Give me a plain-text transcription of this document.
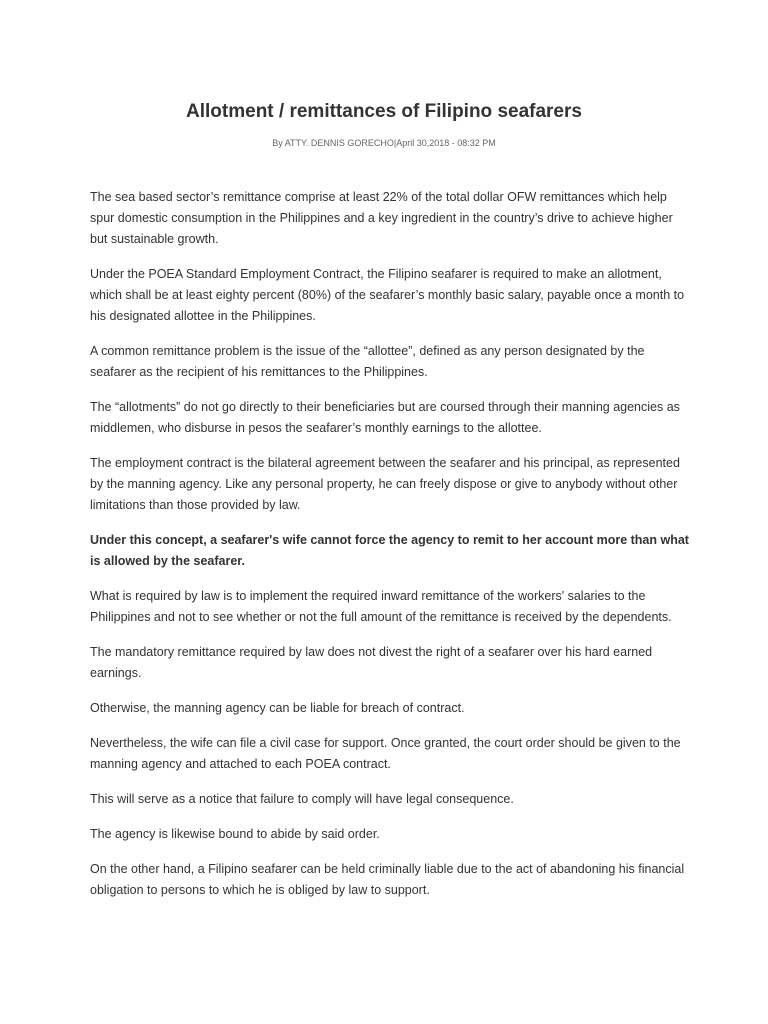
Allotment / remittances of Filipino seafarers
By ATTY. DENNIS GORECHO|April 30,2018 - 08:32 PM

The sea based sector’s remittance comprise at least 22% of the total dollar OFW remittances which help spur domestic consumption in the Philippines and a key ingredient in the country’s drive to achieve higher but sustainable growth.

Under the POEA Standard Employment Contract, the Filipino seafarer is required to make an allotment, which shall be at least eighty percent (80%) of the seafarer’s monthly basic salary, payable once a month to his designated allottee in the Philippines.

A common remittance problem is the issue of the “allottee”, defined as any person designated by the seafarer as the recipient of his remittances to the Philippines.

The “allotments” do not go directly to their beneficiaries but are coursed through their manning agencies as middlemen, who disburse in pesos the seafarer’s monthly earnings to the allottee.

The employment contract is the bilateral agreement between the seafarer and his principal, as represented by the manning agency. Like any personal property, he can freely dispose or give to anybody without other limitations than those provided by law.

Under this concept, a seafarer's wife cannot force the agency to remit to her account more than what is allowed by the seafarer.

What is required by law is to implement the required inward remittance of the workers' salaries to the Philippines and not to see whether or not the full amount of the remittance is received by the dependents.

The mandatory remittance required by law does not divest the right of a seafarer over his hard earned earnings.

Otherwise, the manning agency can be liable for breach of contract.

Nevertheless, the wife can file a civil case for support. Once granted, the court order should be given to the manning agency and attached to each POEA contract.

This will serve as a notice that failure to comply will have legal consequence.

The agency is likewise bound to abide by said order.

On the other hand, a Filipino seafarer can be held criminally liable due to the act of abandoning his financial obligation to persons to which he is obliged by law to support.
